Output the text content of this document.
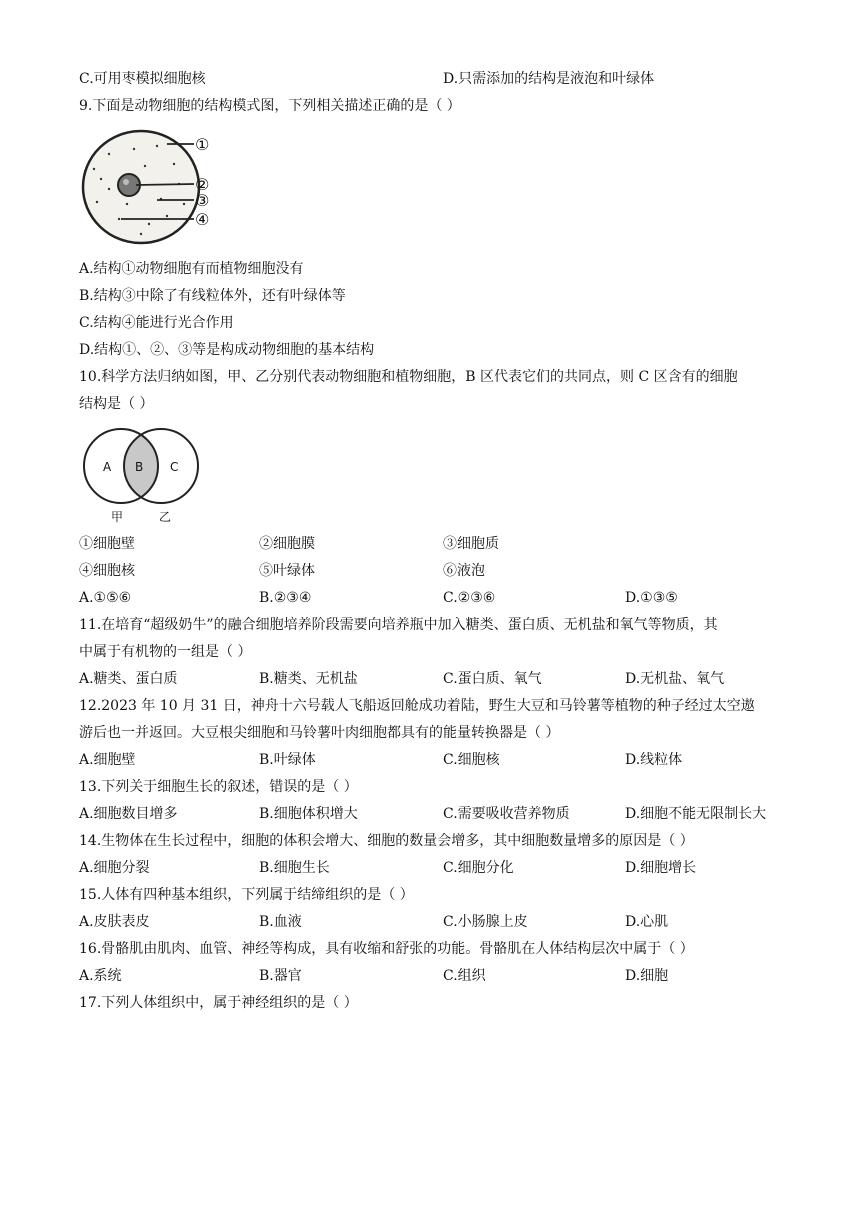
C.可用枣模拟细胞核	D.只需添加的结构是液泡和叶绿体
9.下面是动物细胞的结构模式图，下列相关描述正确的是（ ）
①
②
③
④
A.结构①动物细胞有而植物细胞没有
B.结构③中除了有线粒体外，还有叶绿体等
C.结构④能进行光合作用
D.结构①、②、③等是构成动物细胞的基本结构
10.科学方法归纳如图，甲、乙分别代表动物细胞和植物细胞，B 区代表它们的共同点，则 C 区含有的细胞
结构是（ ）
A B C
甲	乙
①细胞壁	②细胞膜	③细胞质
④细胞核	⑤叶绿体	⑥液泡
A.①⑤⑥	B.②③④	C.②③⑥	D.①③⑤
11.在培育“超级奶牛”的融合细胞培养阶段需要向培养瓶中加入糖类、蛋白质、无机盐和氧气等物质，其
中属于有机物的一组是（ ）
A.糖类、蛋白质	B.糖类、无机盐	C.蛋白质、氧气	D.无机盐、氧气
12.2023 年 10 月 31 日，神舟十六号载人飞船返回舱成功着陆，野生大豆和马铃薯等植物的种子经过太空遨
游后也一并返回。大豆根尖细胞和马铃薯叶肉细胞都具有的能量转换器是（ ）
A.细胞壁	B.叶绿体	C.细胞核	D.线粒体
13.下列关于细胞生长的叙述，错误的是（ ）
A.细胞数目增多	B.细胞体积增大	C.需要吸收营养物质	D.细胞不能无限制长大
14.生物体在生长过程中，细胞的体积会增大、细胞的数量会增多，其中细胞数量增多的原因是（ ）
A.细胞分裂	B.细胞生长	C.细胞分化	D.细胞增长
15.人体有四种基本组织，下列属于结缔组织的是（ ）
A.皮肤表皮	B.血液	C.小肠腺上皮	D.心肌
16.骨骼肌由肌肉、血管、神经等构成，具有收缩和舒张的功能。骨骼肌在人体结构层次中属于（ ）
A.系统	B.器官	C.组织	D.细胞
17.下列人体组织中，属于神经组织的是（ ）
